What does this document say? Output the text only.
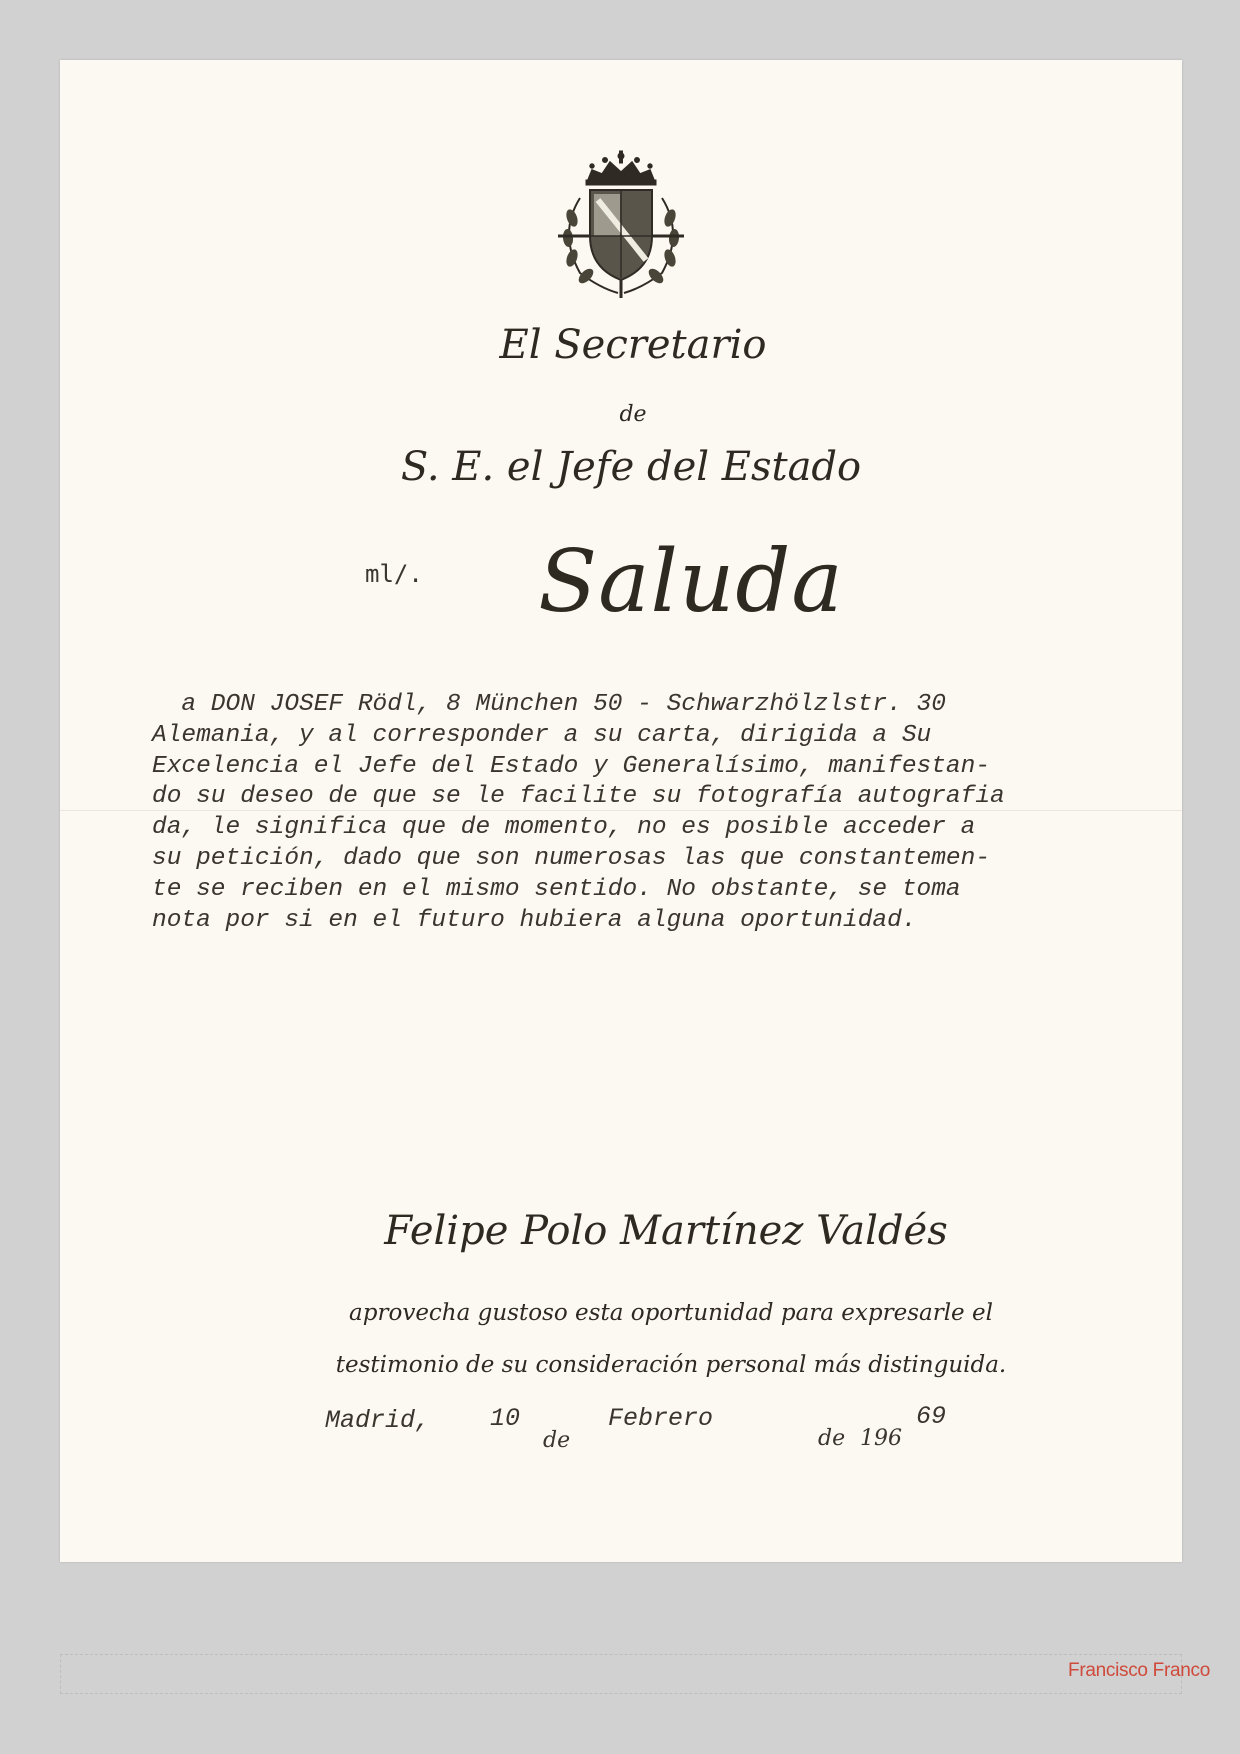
El Secretario
de
S. E. el Jefe del Estado
ml/.	Saluda
a DON JOSEF Rödl, 8 München 50 - Schwarzhölzlstr. 30
Alemania, y al corresponder a su carta, dirigida a Su
Excelencia el Jefe del Estado y Generalísimo, manifestan-
do su deseo de que se le facilite su fotografía autografia
da, le significa que de momento, no es posible acceder a
su petición, dado que son numerosas las que constantemen-
te se reciben en el mismo sentido. No obstante, se toma
nota por si en el futuro hubiera alguna oportunidad.
Felipe Polo Martínez Valdés
aprovecha gustoso esta oportunidad para expresarle el
testimonio de su consideración personal más distinguida.
Madrid, 10
de
Febrero
de 196
69
Francisco Franco
